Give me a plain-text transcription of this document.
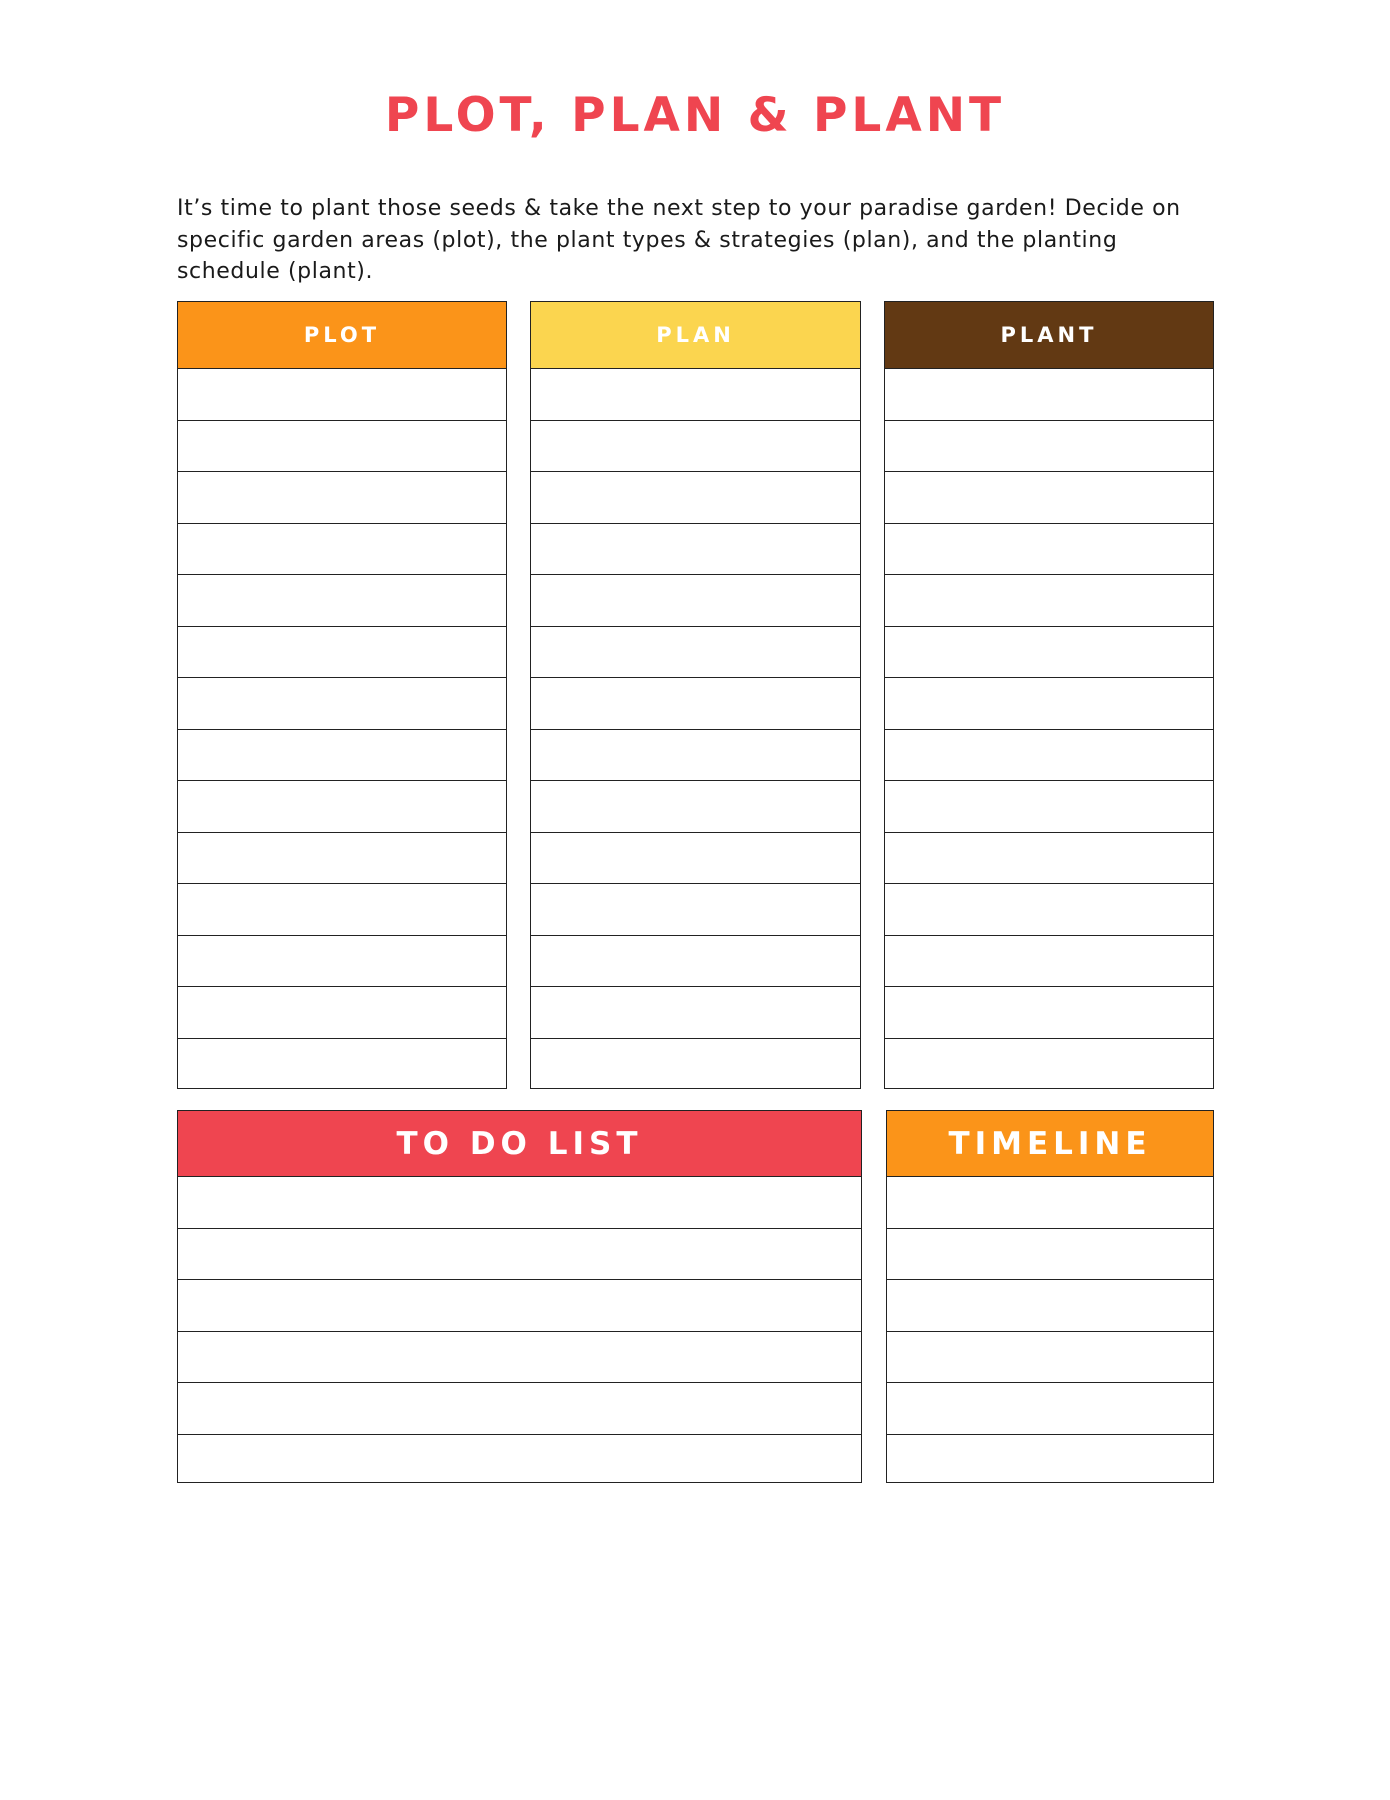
PLOT, PLAN & PLANT

It’s time to plant those seeds & take the next step to your paradise garden! Decide on specific garden areas (plot), the plant types & strategies (plan), and the planting schedule (plant).

PLOT	PLAN	PLANT
TO DO LIST	TIMELINE
